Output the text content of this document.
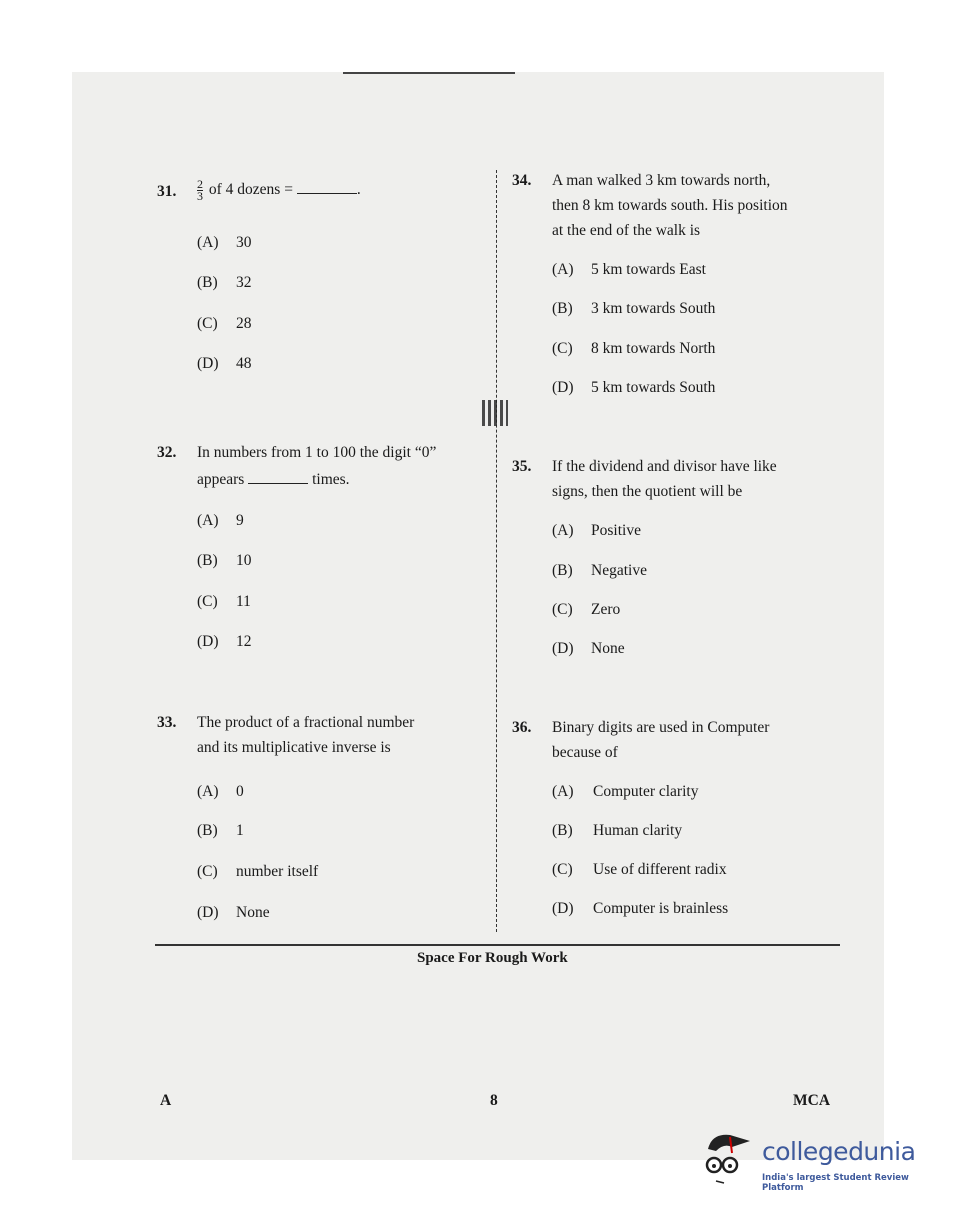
31. $\frac{2}{3}$ of 4 dozens =	.
(A) 30
(B) 32
(C) 28
(D) 48
32. In numbers from 1 to 100 the digit “0”
appears	times.
(A) 9
(B) 10
(C) 11
(D) 12
33. The product of a fractional number
and its multiplicative inverse is
(A) 0
(B) 1
(C) number itself
(D) None
34. A man walked 3 km towards north,
then 8 km towards south. His position
at the end of the walk is
(A) 5 km towards East
(B) 3 km towards South
(C) 8 km towards North
(D) 5 km towards South
35. If the dividend and divisor have like
signs, then the quotient will be
(A) Positive
(B) Negative
(C) Zero
(D) None
36. Binary digits are used in Computer
because of
(A) Computer clarity
(B) Human clarity
(C) Use of different radix
(D) Computer is brainless
Space For Rough Work
A	8	MCA
collegedunia
India's largest Student Review Platform
